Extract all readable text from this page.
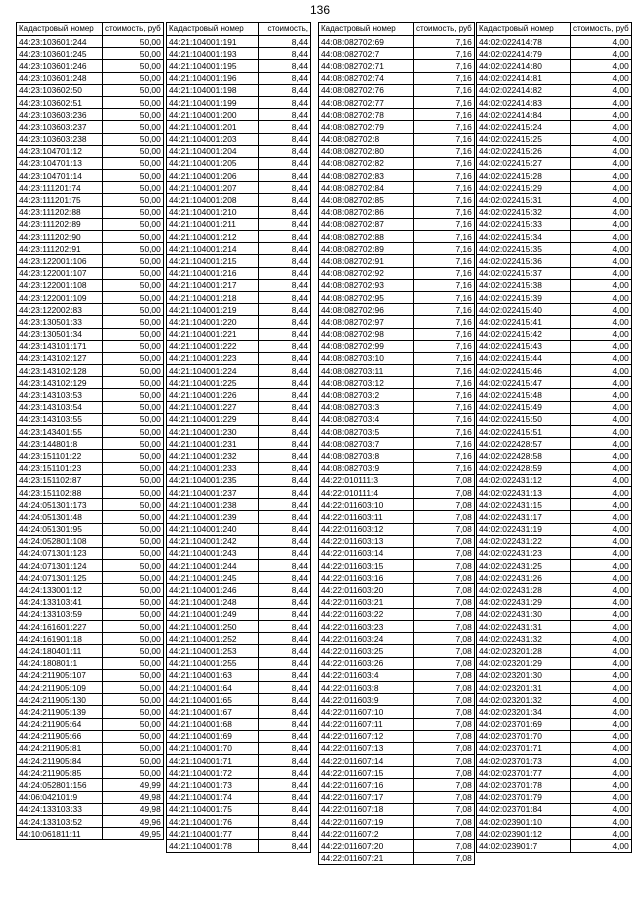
136
Кадастровый номер	стоимость, руб
44:23:103601:244	50,00
44:23:103601:245	50,00
44:23:103601:246	50,00
44:23:103601:248	50,00
44:23:103602:50	50,00
44:23:103602:51	50,00
44:23:103603:236	50,00
44:23:103603:237	50,00
44:23:103603:238	50,00
44:23:104701:12	50,00
44:23:104701:13	50,00
44:23:104701:14	50,00
44:23:111201:74	50,00
44:23:111201:75	50,00
44:23:111202:88	50,00
44:23:111202:89	50,00
44:23:111202:90	50,00
44:23:111202:91	50,00
44:23:122001:106	50,00
44:23:122001:107	50,00
44:23:122001:108	50,00
44:23:122001:109	50,00
44:23:122002:83	50,00
44:23:130501:33	50,00
44:23:130501:34	50,00
44:23:143101:171	50,00
44:23:143102:127	50,00
44:23:143102:128	50,00
44:23:143102:129	50,00
44:23:143103:53	50,00
44:23:143103:54	50,00
44:23:143103:55	50,00
44:23:143401:55	50,00
44:23:144801:8	50,00
44:23:151101:22	50,00
44:23:151101:23	50,00
44:23:151102:87	50,00
44:23:151102:88	50,00
44:24:051301:173	50,00
44:24:051301:48	50,00
44:24:051301:95	50,00
44:24:052801:108	50,00
44:24:071301:123	50,00
44:24:071301:124	50,00
44:24:071301:125	50,00
44:24:133001:12	50,00
44:24:133103:41	50,00
44:24:133103:59	50,00
44:24:161601:227	50,00
44:24:161901:18	50,00
44:24:180401:11	50,00
44:24:180801:1	50,00
44:24:211905:107	50,00
44:24:211905:109	50,00
44:24:211905:130	50,00
44:24:211905:139	50,00
44:24:211905:64	50,00
44:24:211905:66	50,00
44:24:211905:81	50,00
44:24:211905:84	50,00
44:24:211905:85	50,00
44:24:052801:156	49,99
44:06:042101:9	49,98
44:24:133103:33	49,98
44:24:133103:52	49,96
44:10:061811:11	49,95
Кадастровый номер	стоимость,
44:21:104001:191	8,44
44:21:104001:193	8,44
44:21:104001:195	8,44
44:21:104001:196	8,44
44:21:104001:198	8,44
44:21:104001:199	8,44
44:21:104001:200	8,44
44:21:104001:201	8,44
44:21:104001:203	8,44
44:21:104001:204	8,44
44:21:104001:205	8,44
44:21:104001:206	8,44
44:21:104001:207	8,44
44:21:104001:208	8,44
44:21:104001:210	8,44
44:21:104001:211	8,44
44:21:104001:212	8,44
44:21:104001:214	8,44
44:21:104001:215	8,44
44:21:104001:216	8,44
44:21:104001:217	8,44
44:21:104001:218	8,44
44:21:104001:219	8,44
44:21:104001:220	8,44
44:21:104001:221	8,44
44:21:104001:222	8,44
44:21:104001:223	8,44
44:21:104001:224	8,44
44:21:104001:225	8,44
44:21:104001:226	8,44
44:21:104001:227	8,44
44:21:104001:229	8,44
44:21:104001:230	8,44
44:21:104001:231	8,44
44:21:104001:232	8,44
44:21:104001:233	8,44
44:21:104001:235	8,44
44:21:104001:237	8,44
44:21:104001:238	8,44
44:21:104001:239	8,44
44:21:104001:240	8,44
44:21:104001:242	8,44
44:21:104001:243	8,44
44:21:104001:244	8,44
44:21:104001:245	8,44
44:21:104001:246	8,44
44:21:104001:248	8,44
44:21:104001:249	8,44
44:21:104001:250	8,44
44:21:104001:252	8,44
44:21:104001:253	8,44
44:21:104001:255	8,44
44:21:104001:63	8,44
44:21:104001:64	8,44
44:21:104001:65	8,44
44:21:104001:67	8,44
44:21:104001:68	8,44
44:21:104001:69	8,44
44:21:104001:70	8,44
44:21:104001:71	8,44
44:21:104001:72	8,44
44:21:104001:73	8,44
44:21:104001:74	8,44
44:21:104001:75	8,44
44:21:104001:76	8,44
44:21:104001:77	8,44
44:21:104001:78	8,44
Кадастровый номер	стоимость, руб
44:08:082702:69	7,16
44:08:082702:7	7,16
44:08:082702:71	7,16
44:08:082702:74	7,16
44:08:082702:76	7,16
44:08:082702:77	7,16
44:08:082702:78	7,16
44:08:082702:79	7,16
44:08:082702:8	7,16
44:08:082702:80	7,16
44:08:082702:82	7,16
44:08:082702:83	7,16
44:08:082702:84	7,16
44:08:082702:85	7,16
44:08:082702:86	7,16
44:08:082702:87	7,16
44:08:082702:88	7,16
44:08:082702:89	7,16
44:08:082702:91	7,16
44:08:082702:92	7,16
44:08:082702:93	7,16
44:08:082702:95	7,16
44:08:082702:96	7,16
44:08:082702:97	7,16
44:08:082702:98	7,16
44:08:082702:99	7,16
44:08:082703:10	7,16
44:08:082703:11	7,16
44:08:082703:12	7,16
44:08:082703:2	7,16
44:08:082703:3	7,16
44:08:082703:4	7,16
44:08:082703:5	7,16
44:08:082703:7	7,16
44:08:082703:8	7,16
44:08:082703:9	7,16
44:22:010111:3	7,08
44:22:010111:4	7,08
44:22:011603:10	7,08
44:22:011603:11	7,08
44:22:011603:12	7,08
44:22:011603:13	7,08
44:22:011603:14	7,08
44:22:011603:15	7,08
44:22:011603:16	7,08
44:22:011603:20	7,08
44:22:011603:21	7,08
44:22:011603:22	7,08
44:22:011603:23	7,08
44:22:011603:24	7,08
44:22:011603:25	7,08
44:22:011603:26	7,08
44:22:011603:4	7,08
44:22:011603:8	7,08
44:22:011603:9	7,08
44:22:011607:10	7,08
44:22:011607:11	7,08
44:22:011607:12	7,08
44:22:011607:13	7,08
44:22:011607:14	7,08
44:22:011607:15	7,08
44:22:011607:16	7,08
44:22:011607:17	7,08
44:22:011607:18	7,08
44:22:011607:19	7,08
44:22:011607:2	7,08
44:22:011607:20	7,08
44:22:011607:21	7,08
Кадастровый номер	стоимость, руб
44:02:022414:78	4,00
44:02:022414:79	4,00
44:02:022414:80	4,00
44:02:022414:81	4,00
44:02:022414:82	4,00
44:02:022414:83	4,00
44:02:022414:84	4,00
44:02:022415:24	4,00
44:02:022415:25	4,00
44:02:022415:26	4,00
44:02:022415:27	4,00
44:02:022415:28	4,00
44:02:022415:29	4,00
44:02:022415:31	4,00
44:02:022415:32	4,00
44:02:022415:33	4,00
44:02:022415:34	4,00
44:02:022415:35	4,00
44:02:022415:36	4,00
44:02:022415:37	4,00
44:02:022415:38	4,00
44:02:022415:39	4,00
44:02:022415:40	4,00
44:02:022415:41	4,00
44:02:022415:42	4,00
44:02:022415:43	4,00
44:02:022415:44	4,00
44:02:022415:46	4,00
44:02:022415:47	4,00
44:02:022415:48	4,00
44:02:022415:49	4,00
44:02:022415:50	4,00
44:02:022415:51	4,00
44:02:022428:57	4,00
44:02:022428:58	4,00
44:02:022428:59	4,00
44:02:022431:12	4,00
44:02:022431:13	4,00
44:02:022431:15	4,00
44:02:022431:17	4,00
44:02:022431:19	4,00
44:02:022431:22	4,00
44:02:022431:23	4,00
44:02:022431:25	4,00
44:02:022431:26	4,00
44:02:022431:28	4,00
44:02:022431:29	4,00
44:02:022431:30	4,00
44:02:022431:31	4,00
44:02:022431:32	4,00
44:02:023201:28	4,00
44:02:023201:29	4,00
44:02:023201:30	4,00
44:02:023201:31	4,00
44:02:023201:32	4,00
44:02:023201:34	4,00
44:02:023701:69	4,00
44:02:023701:70	4,00
44:02:023701:71	4,00
44:02:023701:73	4,00
44:02:023701:77	4,00
44:02:023701:78	4,00
44:02:023701:79	4,00
44:02:023701:84	4,00
44:02:023901:10	4,00
44:02:023901:12	4,00
44:02:023901:7	4,00
